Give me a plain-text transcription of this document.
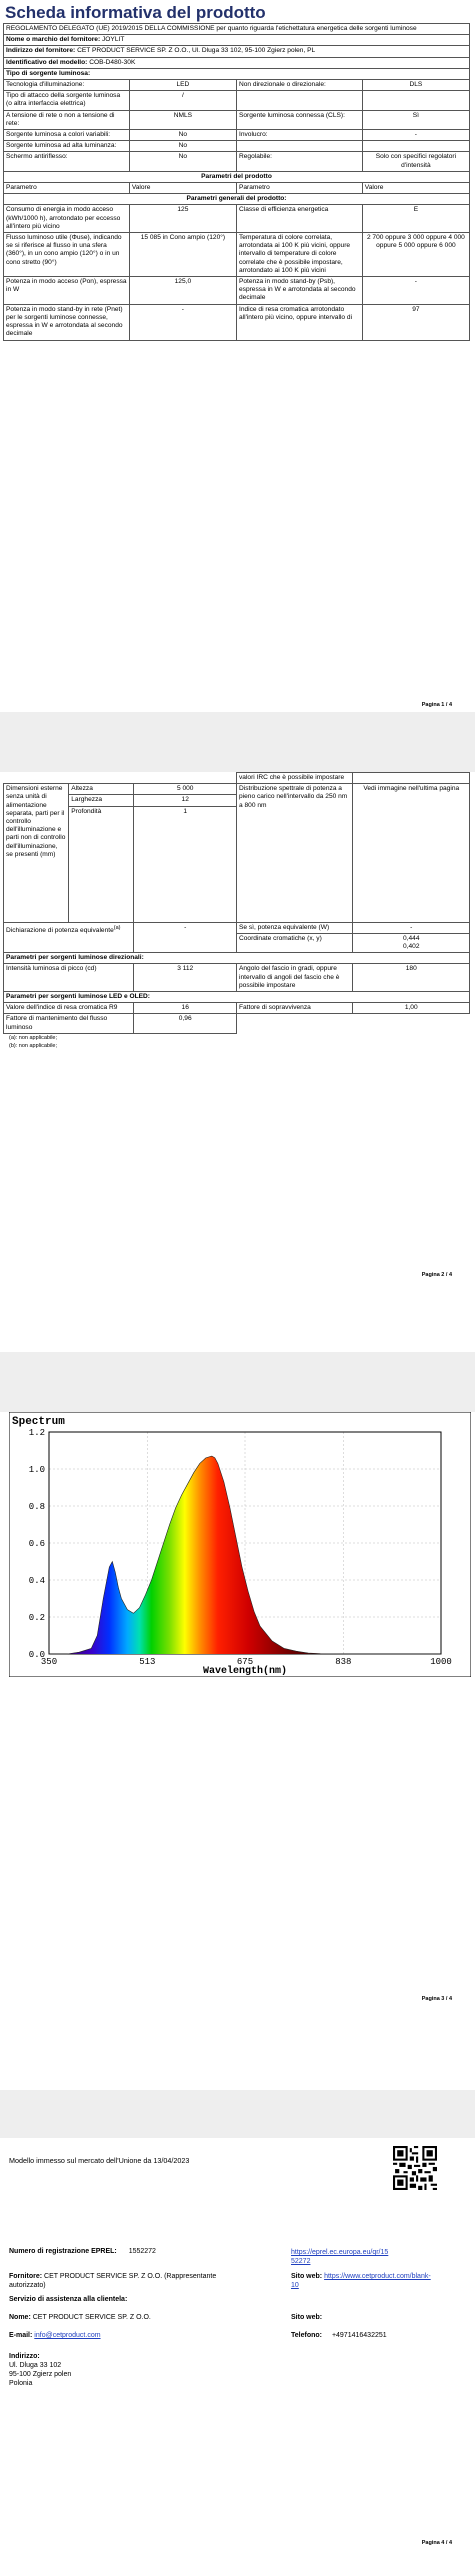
Scheda informativa del prodotto
REGOLAMENTO DELEGATO (UE) 2019/2015 DELLA COMMISSIONE per quanto riguarda l'etichettatura energetica delle sorgenti luminose			
Nome o marchio del fornitore: JOYLIT			
Indirizzo del fornitore: CET PRODUCT SERVICE SP. Z O.O., Ul. Dluga 33 102, 95-100 Zgierz polen, PL			
Identificativo del modello: COB-D480-30K			
Tipo di sorgente luminosa:			
Tecnologia d'illuminazione:	LED	Non direzionale o direzionale:	DLS
Tipo di attacco della sorgente luminosa
(o altra interfaccia elettrica)	/		
A tensione di rete o non a tensione di rete:	NMLS	Sorgente luminosa connessa (CLS):	Sì
Sorgente luminosa a colori variabili:	No	Involucro:	-
Sorgente luminosa ad alta luminanza:	No		
Schermo antiriflesso:	No	Regolabile:	Solo con specifici regolatori d'intensità
Parametri del prodotto			
Parametro	Valore	Parametro	Valore
Parametri generali del prodotto:			
Consumo di energia in modo acceso (kWh/1000 h), arrotondato per eccesso all'intero più vicino	125	Classe di efficienza energetica	E
Flusso luminoso utile (Φuse), indicando se si riferisce al flusso in una sfera (360°), in un cono ampio (120°) o in un cono stretto (90°)	15 085 in Cono ampio (120°)	Temperatura di colore correlata, arrotondata ai 100 K più vicini, oppure intervallo di temperature di colore correlate che è possibile impostare, arrotondato ai 100 K più vicini	2 700 oppure 3 000 oppure 4 000 oppure 5 000 oppure 6 000
Potenza in modo acceso (Pon), espressa in W	125,0	Potenza in modo stand-by (Psb), espressa in W e arrotondata al secondo decimale	-
Potenza in modo stand-by in rete (Pnet) per le sorgenti luminose connesse, espressa in W e arrotondata al secondo decimale	-	Indice di resa cromatica arrotondato all'intero più vicino, oppure intervallo di	97
Pagina 1 / 4
			valori IRC che è possibile impostare	
Dimensioni esterne senza unità di alimentazione separata, parti per il controllo dell'illuminazione e parti non di controllo dell'illuminazione, se presenti (mm)	Altezza	5 000	Distribuzione spettrale di potenza a pieno carico nell'intervallo da 250 nm a 800 nm	Vedi immagine nell'ultima pagina
	Larghezza	12		
	Profondità	1		
Dichiarazione di potenza equivalente$^{(a)}$		-	Se sì, potenza equivalente (W)	-
			Coordinate cromatiche (x, y)	0,444
0,402
Parametri per sorgenti luminose direzionali:				
Intensità luminosa di picco (cd)		3 112	Angolo del fascio in gradi, oppure intervallo di angoli del fascio che è possibile impostare	180
Parametri per sorgenti luminose LED e OLED:				
Valore dell'indice di resa cromatica R9		16	Fattore di sopravvivenza	1,00
Fattore di mantenimento del flusso luminoso		0,96		
(a): non applicabile;
(b): non applicabile;
Pagina 2 / 4
Spectrum
0.0
0.2
0.4
0.6
0.8
1.0
1.2
350	513	675	838	1000
Wavelength(nm)
Pagina 3 / 4
Modello immesso sul mercato dell'Unione da 13/04/2023
Numero di registrazione EPREL: 1552272	https://eprel.ec.europa.eu/qr/1552272
Fornitore: CET PRODUCT SERVICE SP. Z O.O. (Rappresentante autorizzato)
Sito web: https://www.cetproduct.com/blank-10
Servizio di assistenza alla clientela:
Nome: CET PRODUCT SERVICE SP. Z O.O.	Sito web:
E-mail: info@cetproduct.com	Telefono: +4971416432251
Indirizzo:
Ul. Dluga 33 102
95-100 Zgierz polen
Polonia
Pagina 4 / 4
